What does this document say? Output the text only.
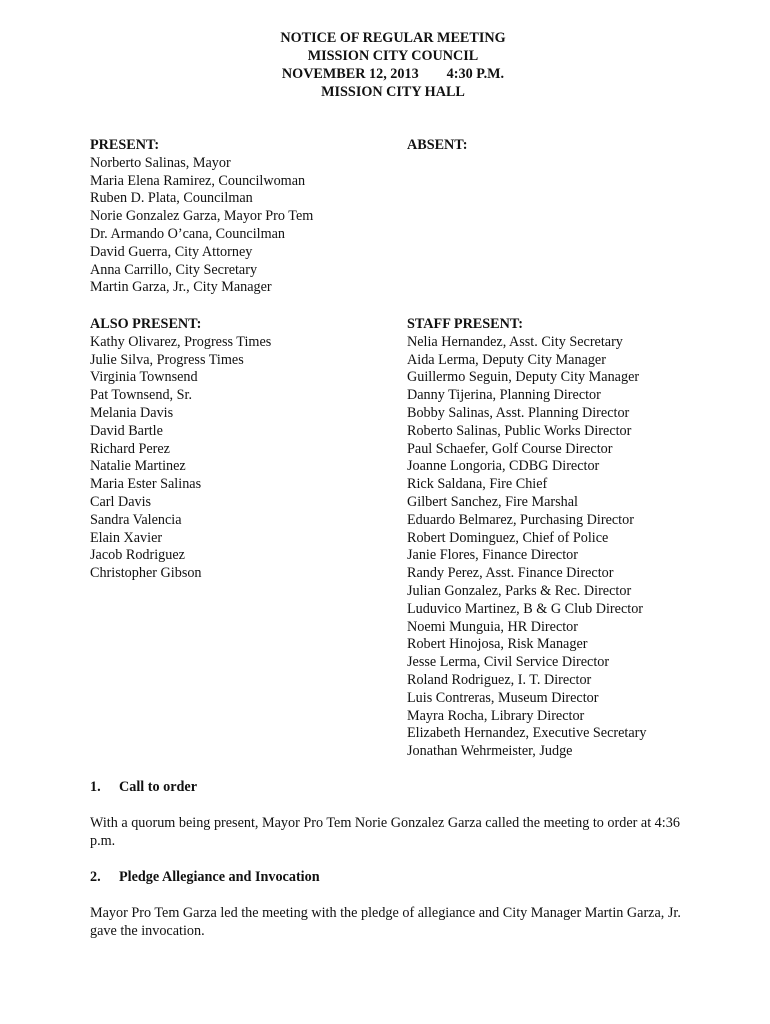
NOTICE OF REGULAR MEETING
MISSION CITY COUNCIL
NOVEMBER 12, 2013 4:30 P.M.
MISSION CITY HALL
PRESENT:
Norberto Salinas, Mayor
Maria Elena Ramirez, Councilwoman
Ruben D. Plata, Councilman
Norie Gonzalez Garza, Mayor Pro Tem
Dr. Armando O’cana, Councilman
David Guerra, City Attorney
Anna Carrillo, City Secretary
Martin Garza, Jr., City Manager
ABSENT:
ALSO PRESENT:
Kathy Olivarez, Progress Times
Julie Silva, Progress Times
Virginia Townsend
Pat Townsend, Sr.
Melania Davis
David Bartle
Richard Perez
Natalie Martinez
Maria Ester Salinas
Carl Davis
Sandra Valencia
Elain Xavier
Jacob Rodriguez
Christopher Gibson
STAFF PRESENT:
Nelia Hernandez, Asst. City Secretary
Aida Lerma, Deputy City Manager
Guillermo Seguin, Deputy City Manager
Danny Tijerina, Planning Director
Bobby Salinas, Asst. Planning Director
Roberto Salinas, Public Works Director
Paul Schaefer, Golf Course Director
Joanne Longoria, CDBG Director
Rick Saldana, Fire Chief
Gilbert Sanchez, Fire Marshal
Eduardo Belmarez, Purchasing Director
Robert Dominguez, Chief of Police
Janie Flores, Finance Director
Randy Perez, Asst. Finance Director
Julian Gonzalez, Parks & Rec. Director
Luduvico Martinez, B & G Club Director
Noemi Munguia, HR Director
Robert Hinojosa, Risk Manager
Jesse Lerma, Civil Service Director
Roland Rodriguez, I. T. Director
Luis Contreras, Museum Director
Mayra Rocha, Library Director
Elizabeth Hernandez, Executive Secretary
Jonathan Wehrmeister, Judge
1. Call to order
With a quorum being present, Mayor Pro Tem Norie Gonzalez Garza called the meeting to order at 4:36 p.m.
2. Pledge Allegiance and Invocation
Mayor Pro Tem Garza led the meeting with the pledge of allegiance and City Manager Martin Garza, Jr. gave the invocation.
